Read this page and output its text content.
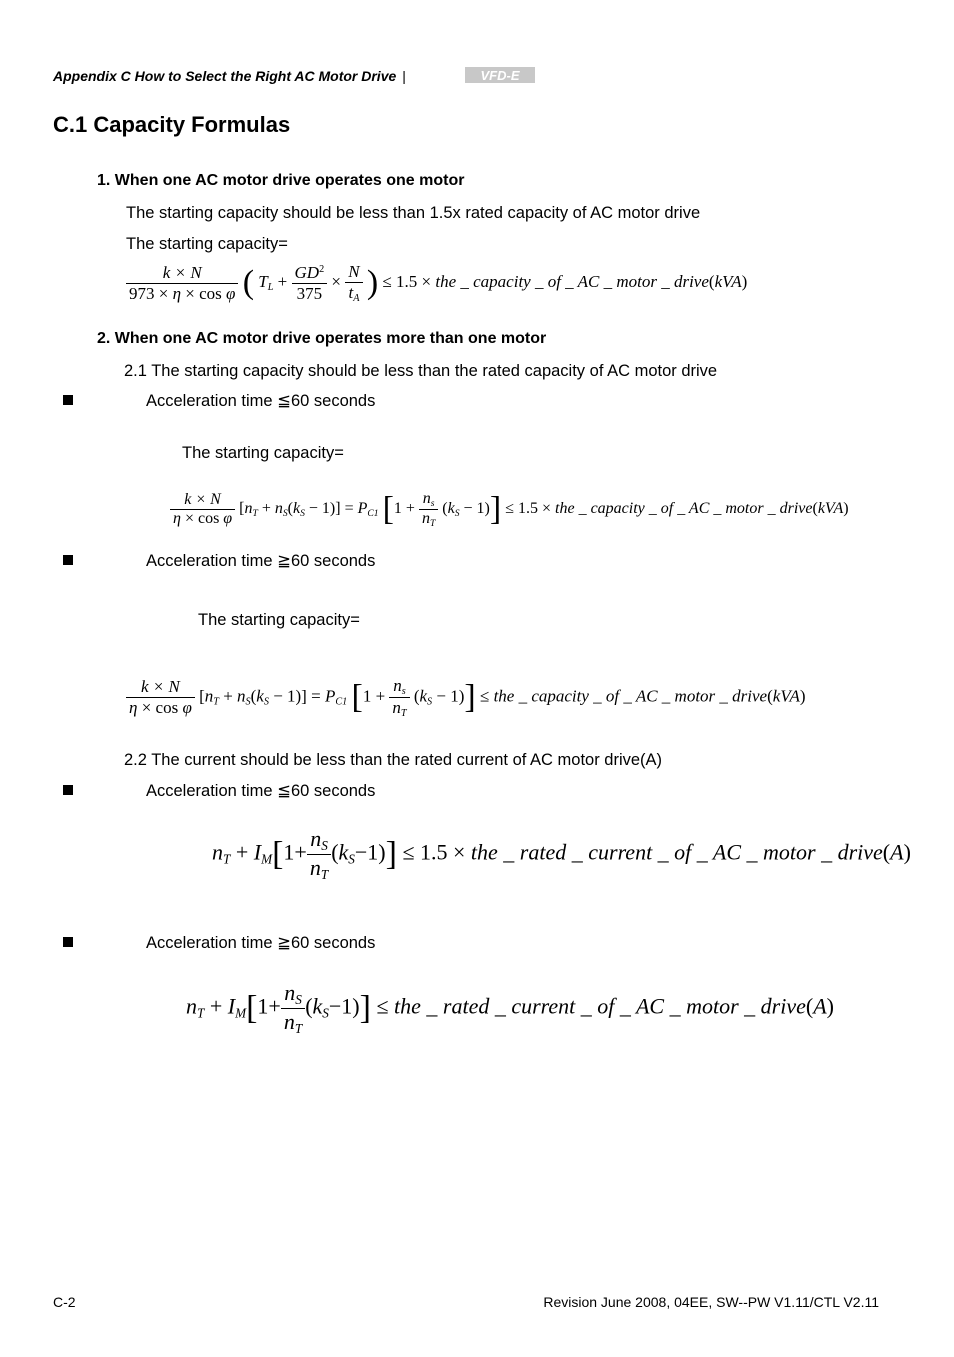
Appendix C How to Select the Right AC Motor Drive |	VFD-E
C.1 Capacity Formulas
1. When one AC motor drive operates one motor
The starting capacity should be less than 1.5x rated capacity of AC motor drive
The starting capacity=
$\frac{k \times N}{\text{973 × η × cos φ}}$ ( $T_L + \frac{GD^2}{375} \times \frac{N}{t_A}$ ) ≤ 1.5 × the _ capacity _ of _ AC _ motor _ drive(kVA)
2. When one AC motor drive operates more than one motor
2.1 The starting capacity should be less than the rated capacity of AC motor drive
Acceleration time ≦60 seconds
The starting capacity=
$\frac{k \times N}{\text{η × cos φ}} [n_T + n_S(k_S - 1)] = P_{C1}$ $[1 + \frac{n_s}{n_T} (k_S - 1)] \le 1.5$ × the _ capacity _ of _ AC _ motor _ drive(kVA)
Acceleration time ≧60 seconds
The starting capacity=
$\frac{k \times N}{\text{η × cos φ}} [n_T + n_S(k_S - 1)] = P_{C1}$ $[1 + \frac{n_s}{n_T} (k_S - 1)]$ ≤ the _ capacity _ of _ AC _ motor _ drive(kVA)
2.2 The current should be less than the rated current of AC motor drive(A)
Acceleration time ≦60 seconds
$n_T + I_M[1+ \frac{n_S}{n_T} (k_S-1)] \le 1.5$ × the _ rated _ current _ of _ AC _ motor _ drive(A)
Acceleration time ≧60 seconds
$n_T + I_M[1+ \frac{n_S}{n_T} (k_S-1)]$ ≤ the _ rated _ current _ of _ AC _ motor _ drive(A)
C-2	Revision June 2008, 04EE, SW--PW V1.11/CTL V2.11
